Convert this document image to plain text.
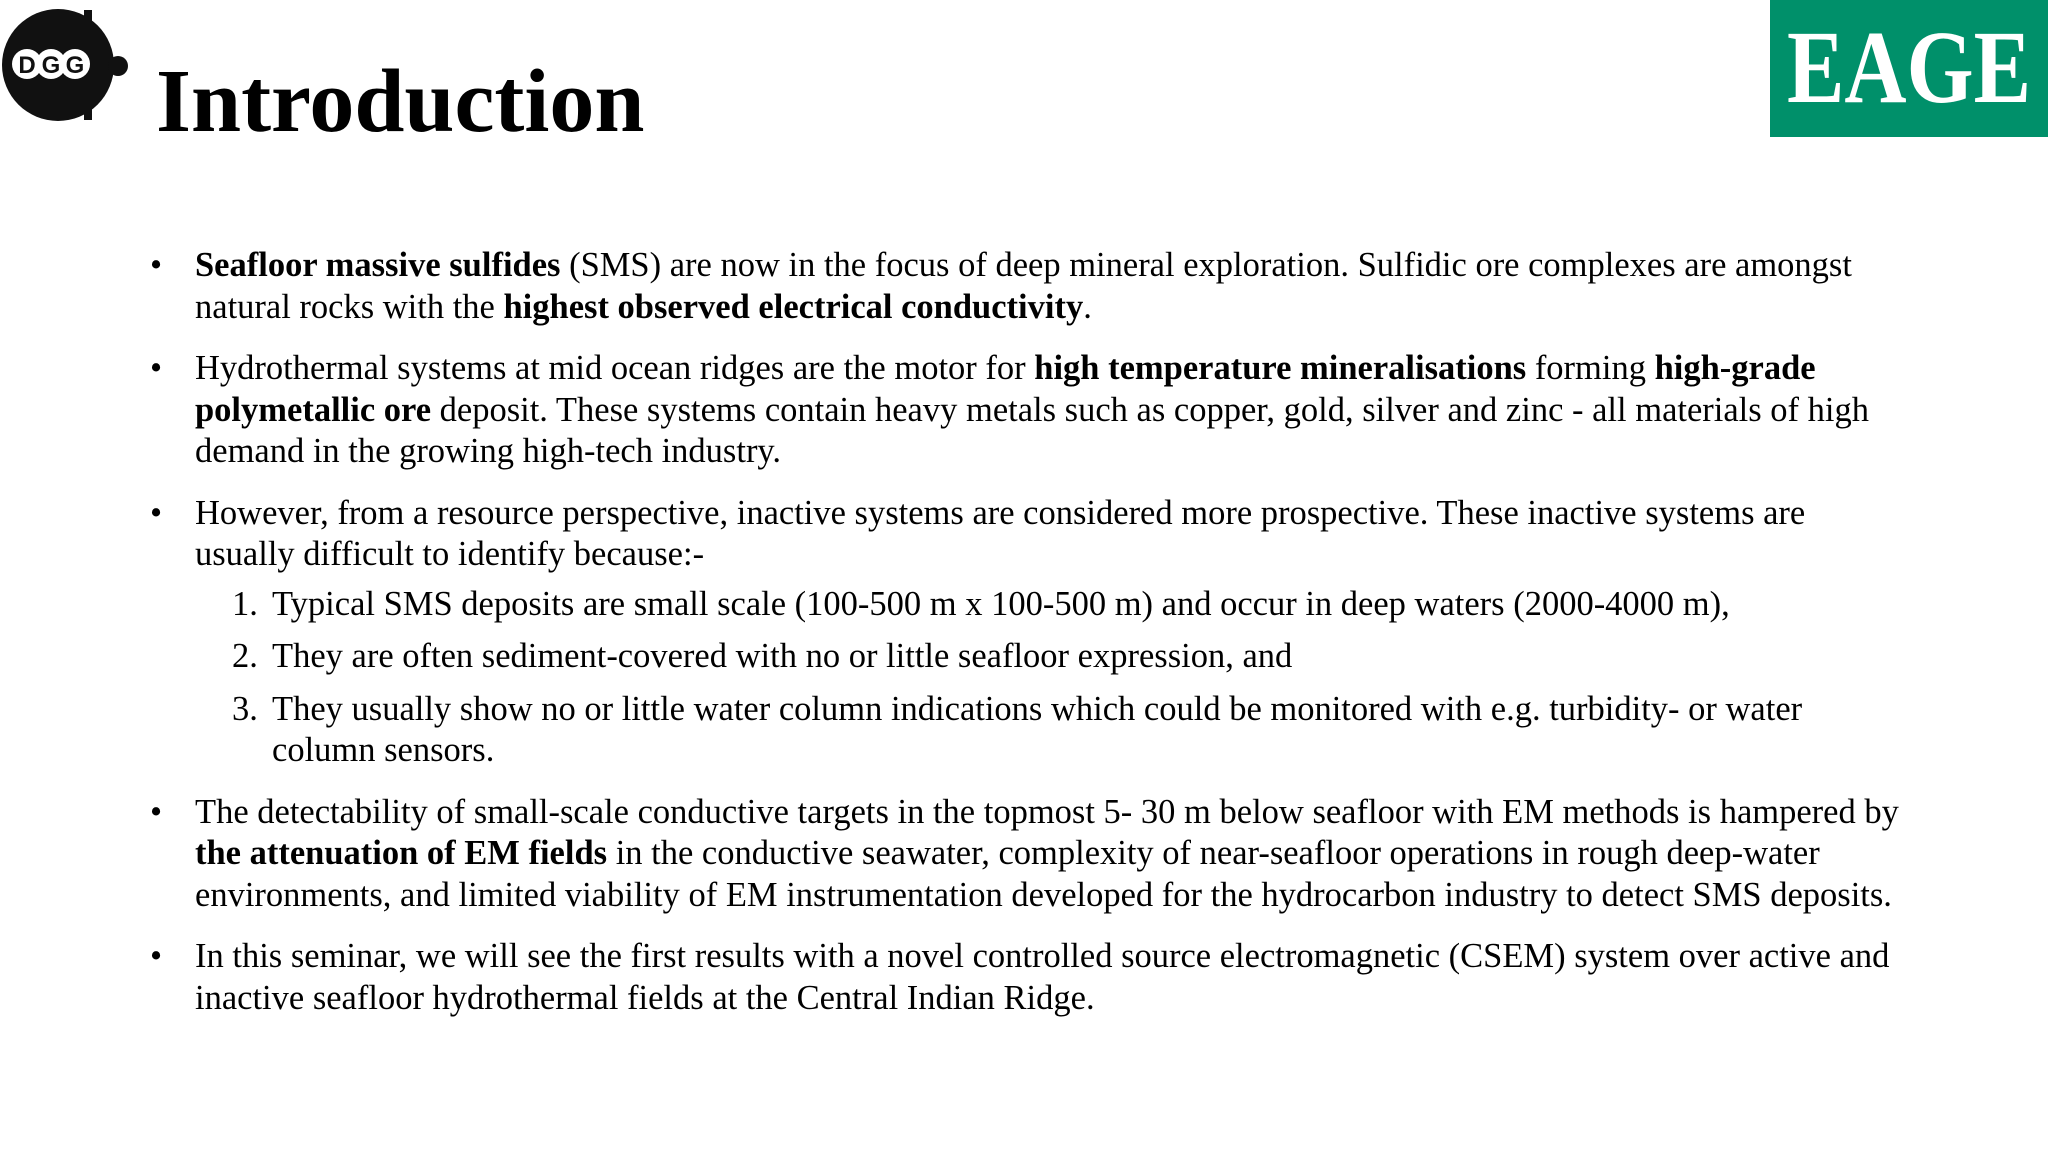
D G G Introduction	EAGE
• Seafloor massive sulfides (SMS) are now in the focus of deep mineral exploration. Sulfidic ore complexes are amongst natural rocks with the highest observed electrical conductivity.
• Hydrothermal systems at mid ocean ridges are the motor for high temperature mineralisations forming high-grade polymetallic ore deposit. These systems contain heavy metals such as copper, gold, silver and zinc - all materials of high demand in the growing high-tech industry.
• However, from a resource perspective, inactive systems are considered more prospective. These inactive systems are usually difficult to identify because:-
1. Typical SMS deposits are small scale (100-500 m x 100-500 m) and occur in deep waters (2000-4000 m),
2. They are often sediment-covered with no or little seafloor expression, and
3. They usually show no or little water column indications which could be monitored with e.g. turbidity- or water column sensors.
• The detectability of small-scale conductive targets in the topmost 5- 30 m below seafloor with EM methods is hampered by the attenuation of EM fields in the conductive seawater, complexity of near-seafloor operations in rough deep-water environments, and limited viability of EM instrumentation developed for the hydrocarbon industry to detect SMS deposits.
• In this seminar, we will see the first results with a novel controlled source electromagnetic (CSEM) system over active and inactive seafloor hydrothermal fields at the Central Indian Ridge.
